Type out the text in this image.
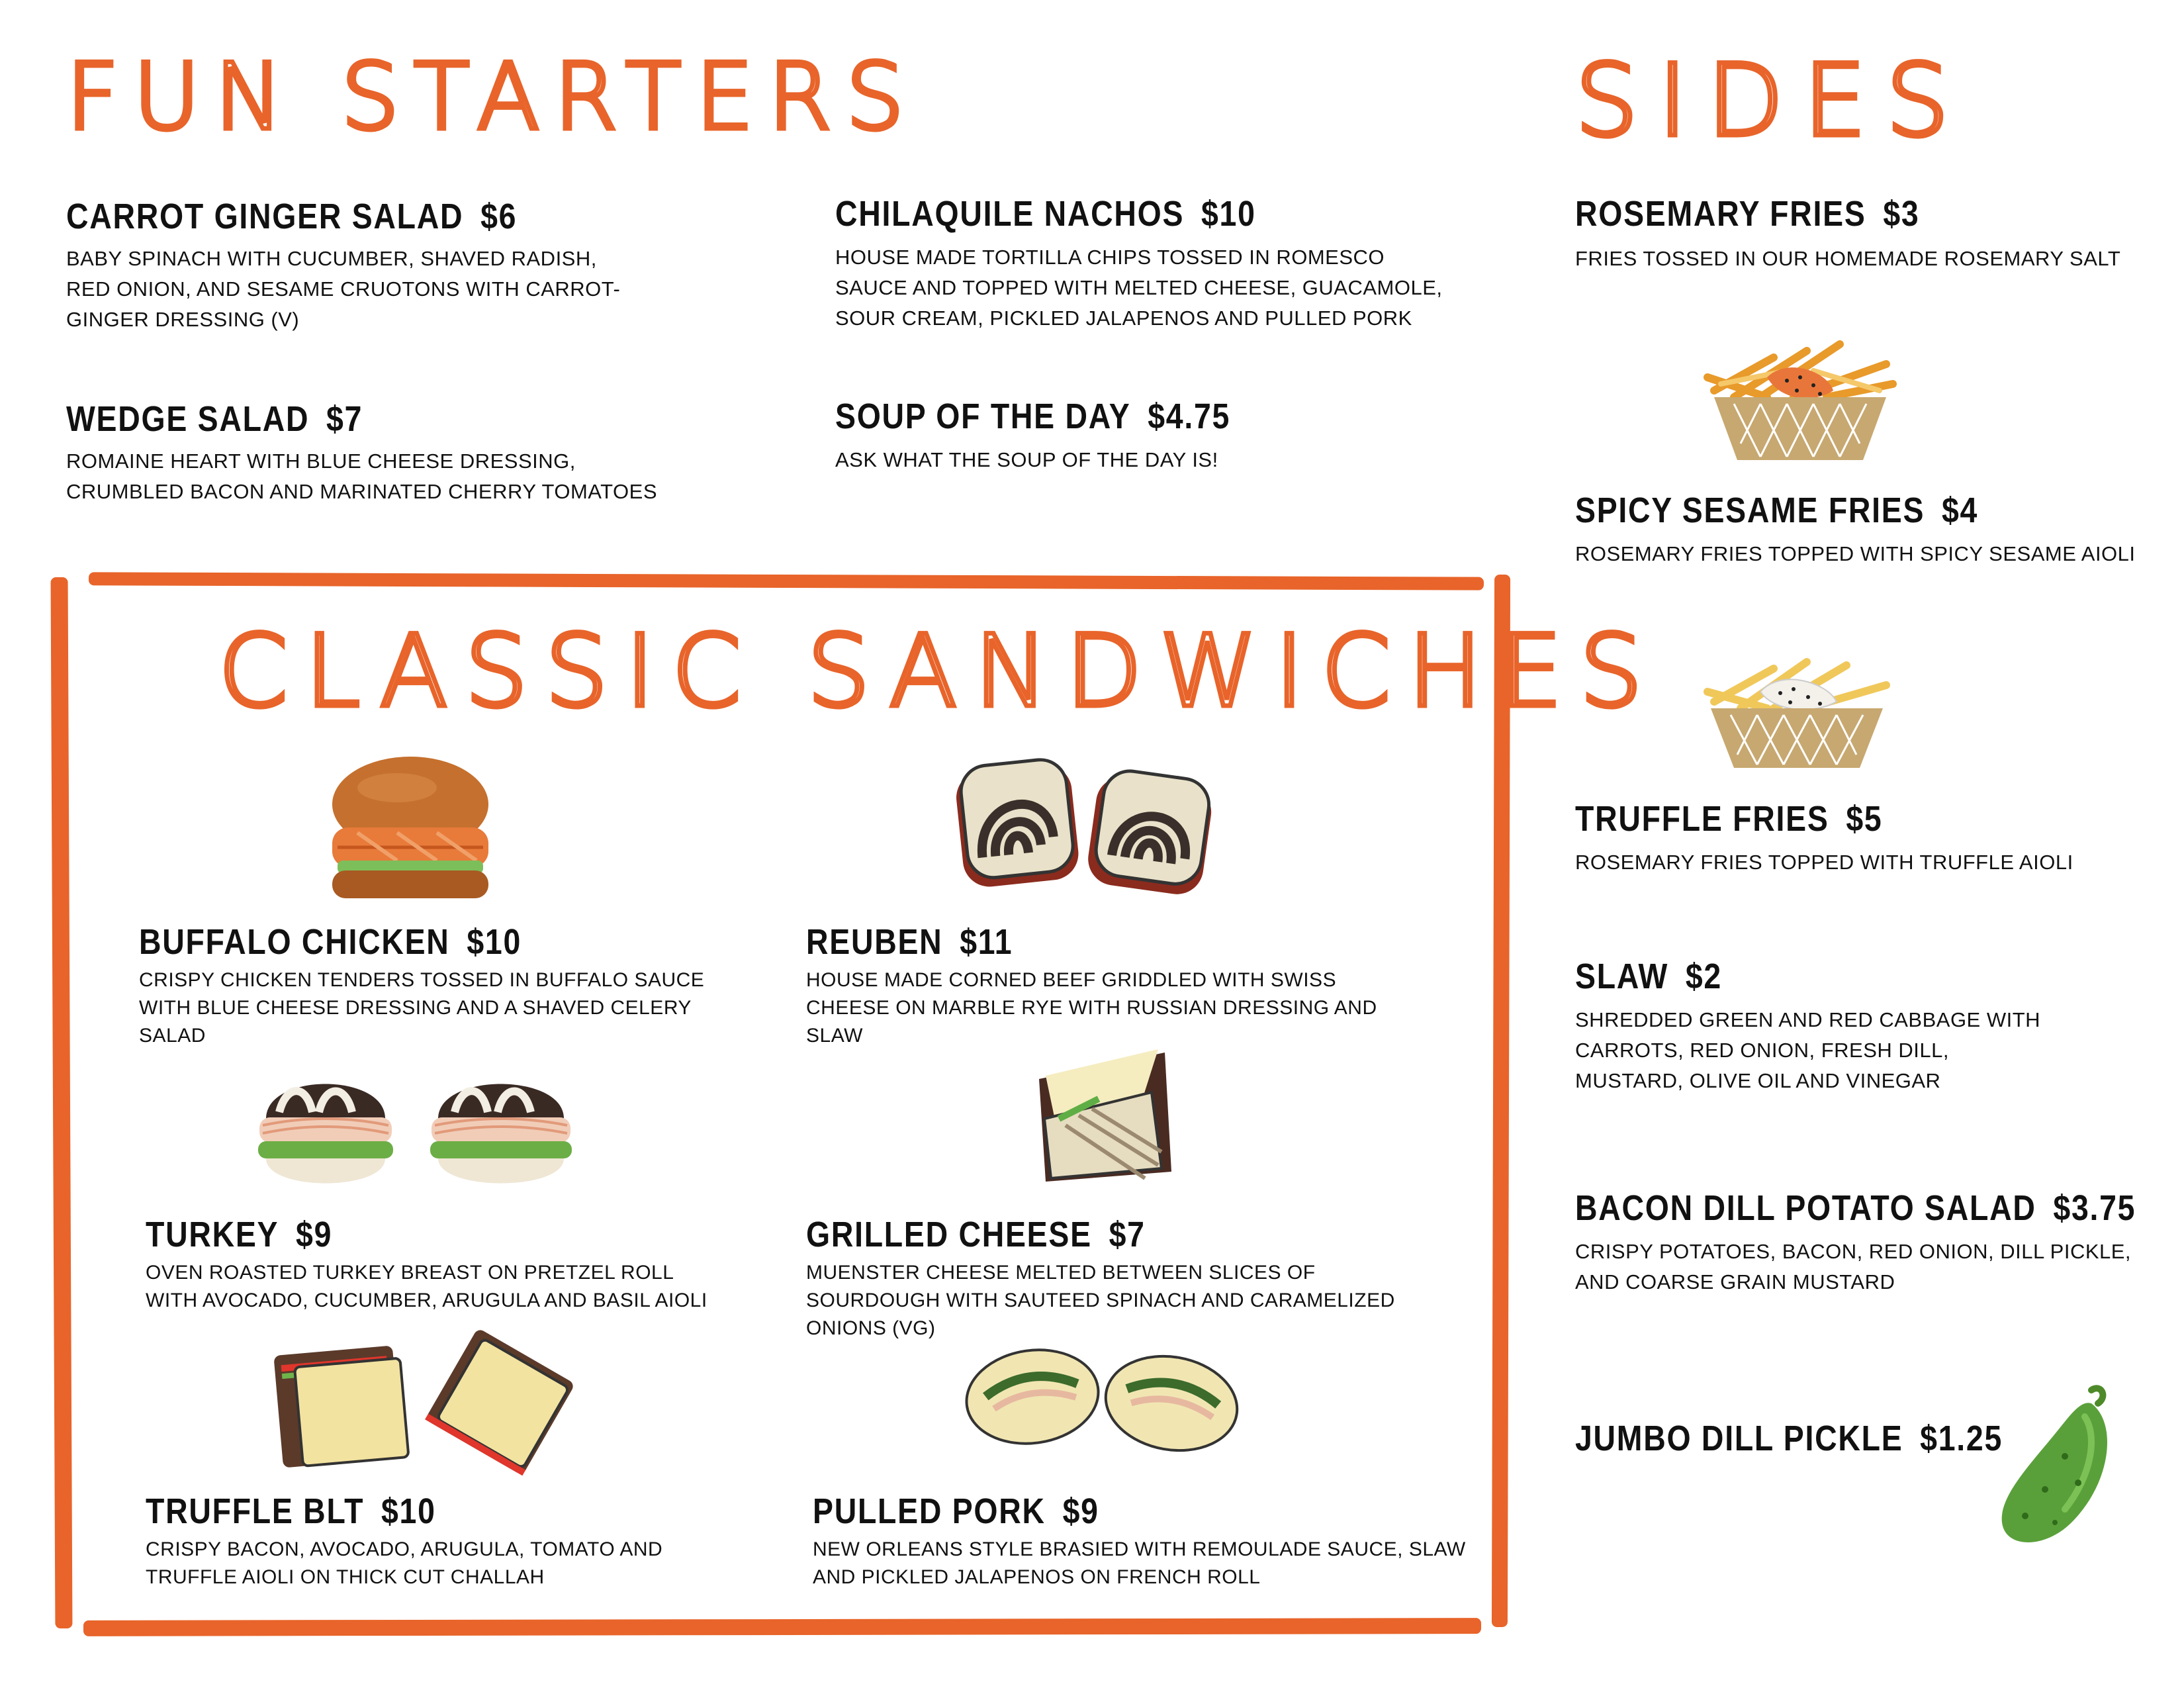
FUN STARTERS
CARROT GINGER SALAD $6
BABY SPINACH WITH CUCUMBER, SHAVED RADISH, RED ONION, AND SESAME CRUOTONS WITH CARROT-GINGER DRESSING (V)
WEDGE SALAD $7
ROMAINE HEART WITH BLUE CHEESE DRESSING, CRUMBLED BACON AND MARINATED CHERRY TOMATOES
CHILAQUILE NACHOS $10
HOUSE MADE TORTILLA CHIPS TOSSED IN ROMESCO SAUCE AND TOPPED WITH MELTED CHEESE, GUACAMOLE, SOUR CREAM, PICKLED JALAPENOS AND PULLED PORK
SOUP OF THE DAY $4.75
ASK WHAT THE SOUP OF THE DAY IS!
CLASSIC SANDWICHES
BUFFALO CHICKEN $10
CRISPY CHICKEN TENDERS TOSSED IN BUFFALO SAUCE WITH BLUE CHEESE DRESSING AND A SHAVED CELERY SALAD
REUBEN $11
HOUSE MADE CORNED BEEF GRIDDLED WITH SWISS CHEESE ON MARBLE RYE WITH RUSSIAN DRESSING AND SLAW
TURKEY $9
OVEN ROASTED TURKEY BREAST ON PRETZEL ROLL WITH AVOCADO, CUCUMBER, ARUGULA AND BASIL AIOLI
GRILLED CHEESE $7
MUENSTER CHEESE MELTED BETWEEN SLICES OF SOURDOUGH WITH SAUTEED SPINACH AND CARAMELIZED ONIONS (VG)
TRUFFLE BLT $10
CRISPY BACON, AVOCADO, ARUGULA, TOMATO AND TRUFFLE AIOLI ON THICK CUT CHALLAH
PULLED PORK $9
NEW ORLEANS STYLE BRASIED WITH REMOULADE SAUCE, SLAW AND PICKLED JALAPENOS ON FRENCH ROLL
SIDES
ROSEMARY FRIES $3
FRIES TOSSED IN OUR HOMEMADE ROSEMARY SALT
SPICY SESAME FRIES $4
ROSEMARY FRIES TOPPED WITH SPICY SESAME AIOLI
TRUFFLE FRIES $5
ROSEMARY FRIES TOPPED WITH TRUFFLE AIOLI
SLAW $2
SHREDDED GREEN AND RED CABBAGE WITH CARROTS, RED ONION, FRESH DILL, MUSTARD, OLIVE OIL AND VINEGAR
BACON DILL POTATO SALAD $3.75
CRISPY POTATOES, BACON, RED ONION, DILL PICKLE, AND COARSE GRAIN MUSTARD
JUMBO DILL PICKLE $1.25
